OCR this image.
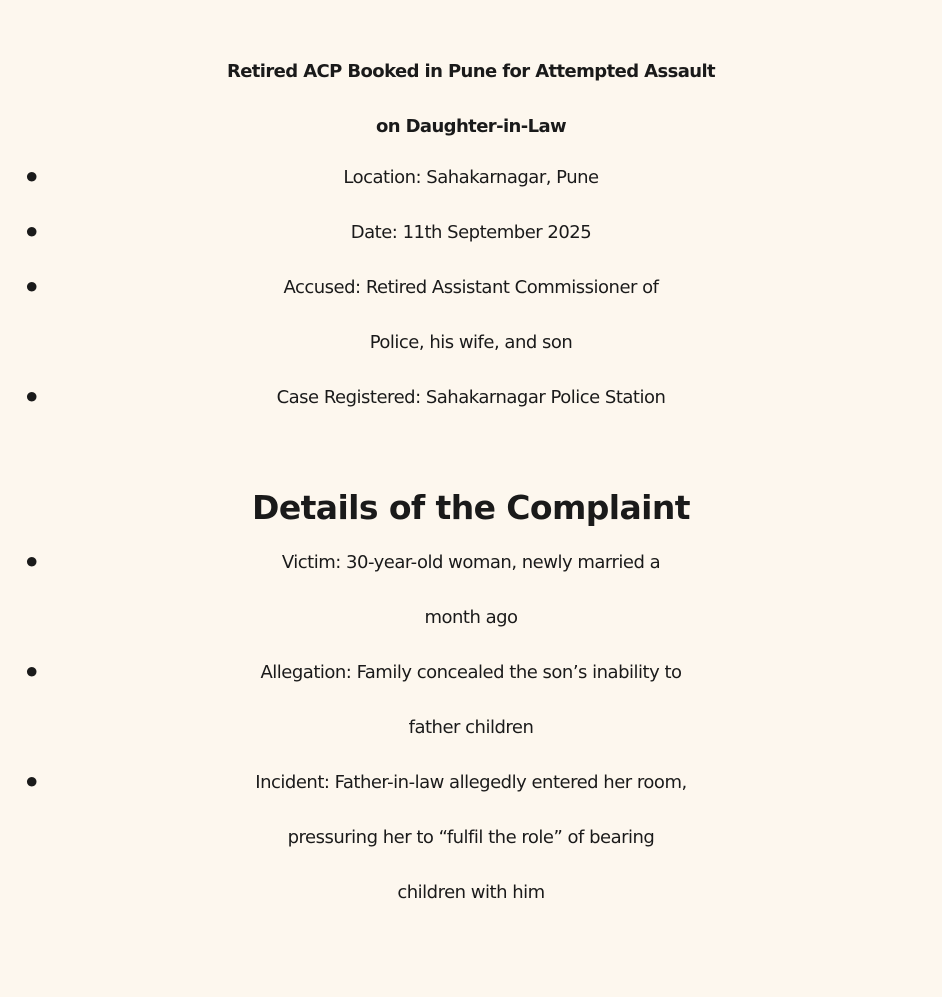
Retired ACP Booked in Pune for Attempted Assault
on Daughter-in-Law
•	Location: Sahakarnagar, Pune
•	Date: 11th September 2025
•	Accused: Retired Assistant Commissioner of
Police, his wife, and son
•	Case Registered: Sahakarnagar Police Station
Details of the Complaint
•	Victim: 30-year-old woman, newly married a
month ago
•	Allegation: Family concealed the son’s inability to
father children
•	Incident: Father-in-law allegedly entered her room,
pressuring her to “fulfil the role” of bearing
children with him
